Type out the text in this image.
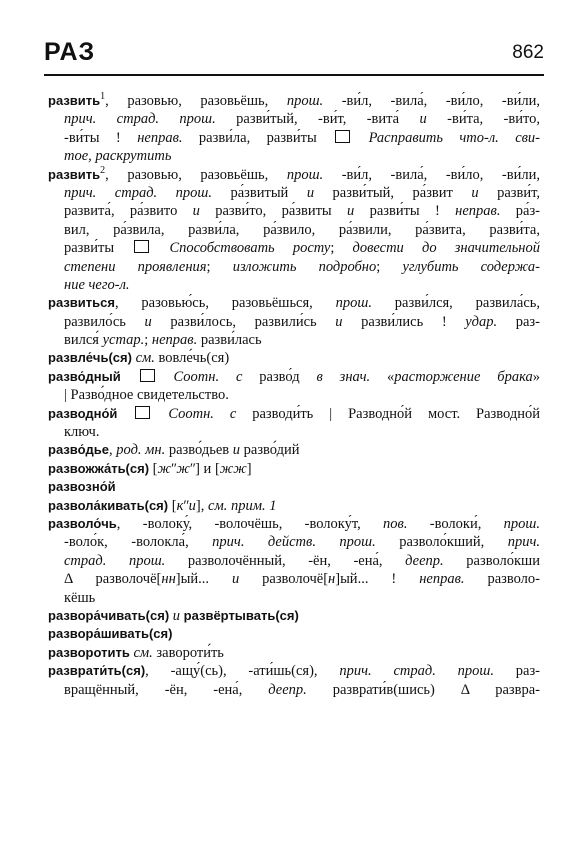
РАЗ	862
развить$^1$, разовью, разовьёшь, прош. -ви́л, -вила́, -ви́ло, -ви́ли,
прич. страд. прош. разви́тый, -ви́т, -вита́ и -ви́та, -ви́то,
-ви́ты ! неправ. разви́ла, разви́ты  Расправить что-л. сви-
тое, раскрутить
развить$^2$, разовью, разовьёшь, прош. -ви́л, -вила́, -ви́ло, -ви́ли,
прич. страд. прош. ра́звитый и разви́тый, ра́звит и разви́т,
развита́, ра́звито и разви́то, ра́звиты и разви́ты ! неправ. ра́з-
вил, ра́звила, разви́ла, ра́звило, ра́звили, ра́звита, разви́та,
разви́ты  Способствовать росту; довести до значительной
степени проявления; изложить подробно; углубить содержа-
ние чего-л.
развиться, разовью́сь, разовьёшься, прош. разви́лся, развила́сь,
развило́сь и разви́лось, развили́сь и разви́лись ! удар. раз-
вился́ устар.; неправ. разви́лась
развле́чь(ся) см. вовле́чь(ся)
разво́дный  Соотн. с разво́д в знач. «расторжение брака»
| Разво́дное свидетельство.
разводно́й  Соотн. с разводи́ть | Разводно́й мост. Разводно́й
ключ.
разво́дье, род. мн. разво́дьев и разво́дий
развожжа́ть(ся) [жʺжʺ] и [жж]
развозно́й
развола́кивать(ся) [кʺи], см. прим. 1
разволо́чь, -волоку́, -волочёшь, -волоку́т, пов. -волоки́, прош.
-воло́к, -волокла́, прич. действ. прош. разволо́кший, прич.
страд. прош. разволочённый, -ён, -ена́, деепр. разволо́кши
Δ разволочё[нн]ый... и разволочё[н]ый... ! неправ. разволо-
кёшь
развора́чивать(ся) и развёртывать(ся)
развора́шивать(ся)
разворотить см. завороти́ть
разврати́ть(ся), -ащу́(сь), -ати́шь(ся), прич. страд. прош. раз-
вращённый, -ён, -ена́, деепр. разврати́в(шись) Δ развра-
